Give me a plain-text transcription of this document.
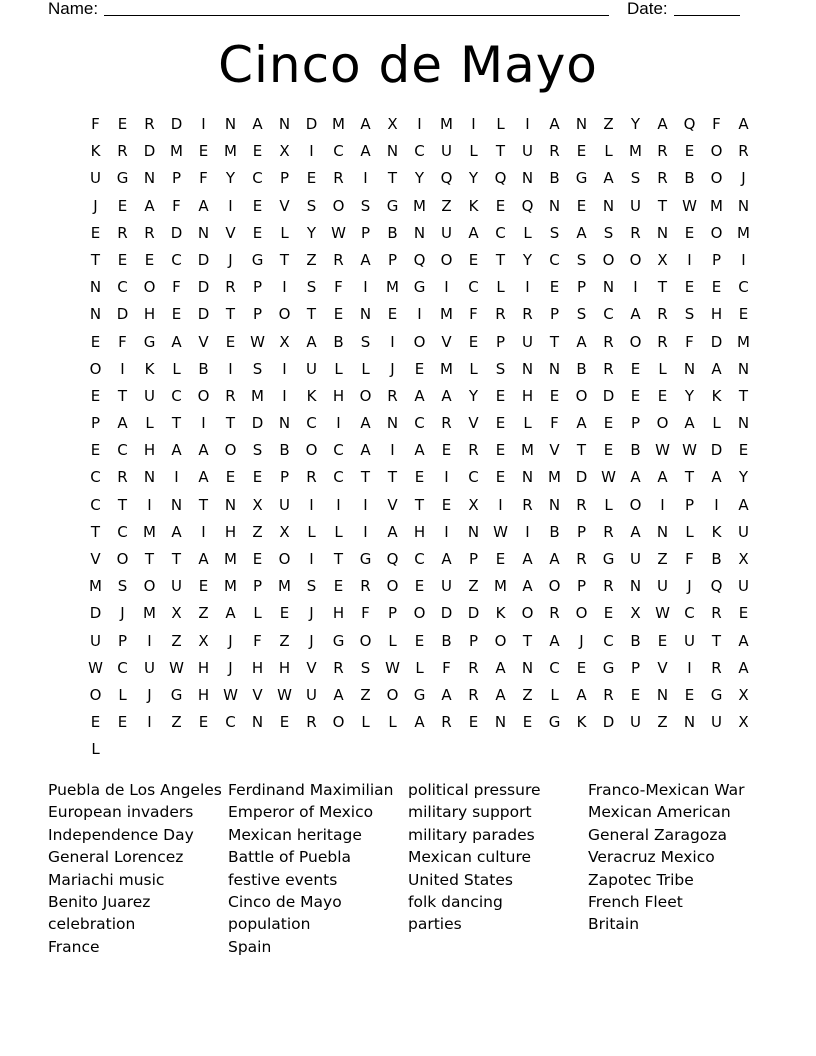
Name:	Date:
Cinco de Mayo
F	E	R	D	I	N	A	N	D M	A	X	I	M	I	L	I	A	N	Z	Y	A	Q	F	A
K	R	D M	E	M	E	X	I	C	A	N	C	U	L	T	U	R	E	L	M	R	E	O	R
U	G	N	P	F	Y	C	P	E	R	I	T	Y	Q	Y	Q	N	B	G	A	S	R	B	O	J
J	E	A	F	A	I	E	V	S	O	S	G M	Z	K	E	Q	N	E	N	U	T	W M N
E	R	R	D	N	V	E	L	Y	W	P	B	N	U	A	C	L	S	A	S	R	N	E	O M
T	E	E	C	D	J	G	T	Z	R	A	P	Q	O	E	T	Y	C	S	O	O	X	I	P	I
N	C	O	F	D	R	P	I	S	F	I	M G	I	C	L	I	E	P	N	I	T	E	E	C
N	D	H	E	D	T	P	O	T	E	N	E	I	M	F	R	R	P	S	C	A	R	S	H	E
E	F	G	A	V	E W X	A	B	S	I	O	V	E	P	U	T	A	R	O	R	F	D M
O	I	K	L	B	I	S	I	U	L	L	J	E	M	L	S	N	N	B	R	E	L	N	A	N
E	T	U	C	O	R	M	I	K	H	O	R	A	A	Y	E	H	E	O	D	E	E	Y	K	T
P	A	L	T	I	T	D	N	C	I	A	N	C	R	V	E	L	F	A	E	P	O	A	L	N
E	C	H	A	A	O	S	B	O	C	A	I	A	E	R	E	M	V	T	E	B W W D	E
C	R	N	I	A	E	E	P	R	C	T	T	E	I	C	E	N M D W A	A	T	A	Y
C	T	I	N	T	N	X	U	I	I	I	V	T	E	X	I	R	N	R	L	O	I	P	I	A
T	C	M	A	I	H	Z	X	L	L	I	A	H	I	N W	I	B	P	R	A	N	L	K	U
V	O	T	T	A	M	E	O	I	T	G	Q	C	A	P	E	A	A	R	G	U	Z	F	B	X
M	S	O	U	E	M	P	M	S	E	R	O	E	U	Z	M	A	O	P	R	N	U	J	Q	U
D	J	M	X	Z	A	L	E	J	H	F	P	O	D	D	K	O	R	O	E	X W C	R	E
U	P	I	Z	X	J	F	Z	J	G	O	L	E	B	P	O	T	A	J	C	B	E	U	T	A
W C	U W H	J	H	H	V	R	S W	L	F	R	A	N	C	E	G	P	V	I	R	A
O	L	J	G	H W V W U	A	Z	O	G	A	R	A	Z	L	A	R	E	N	E	G	X
E	E	I	Z	E	C	N	E	R	O	L	L	A	R	E	N	E	G	K	D	U	Z	N	U	X
L
Puebla de Los Angeles
European invaders
Independence Day
General Lorencez
Mariachi music
Benito Juarez
celebration
France
Ferdinand Maximilian
Emperor of Mexico
Mexican heritage
Battle of Puebla
festive events
Cinco de Mayo
population
Spain
political pressure
military support
military parades
Mexican culture
United States
folk dancing
parties
Franco-Mexican War
Mexican American
General Zaragoza
Veracruz Mexico
Zapotec Tribe
French Fleet
Britain
